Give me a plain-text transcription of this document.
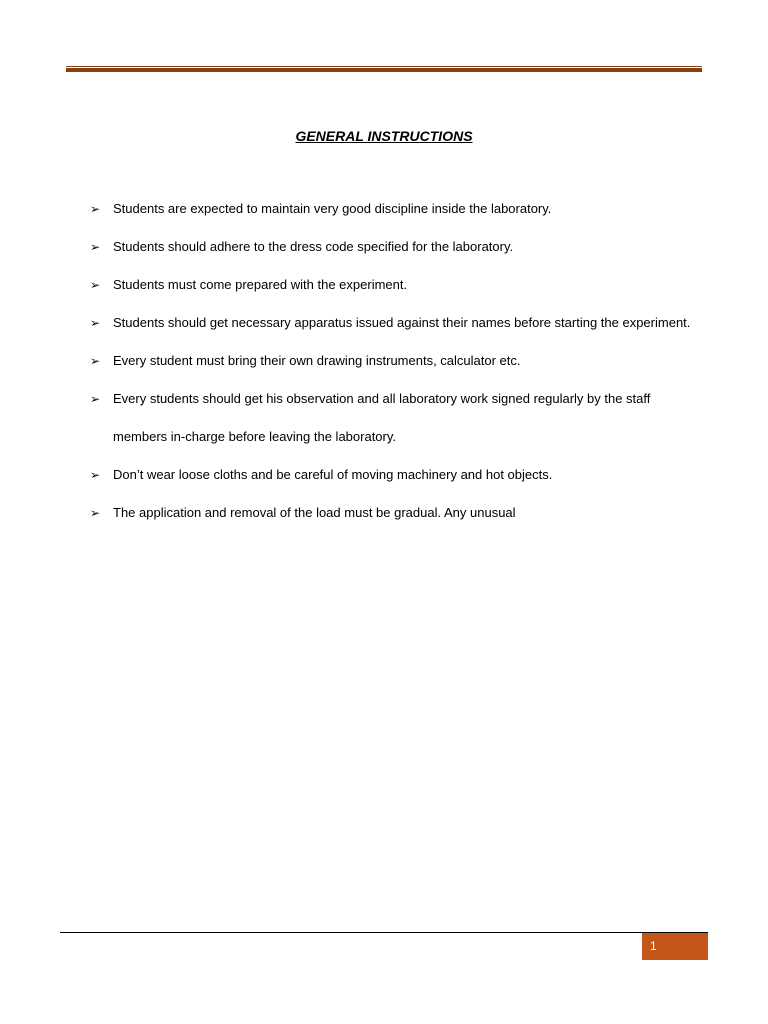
GENERAL INSTRUCTIONS
➢ Students are expected to maintain very good discipline inside the laboratory.
➢ Students should adhere to the dress code specified for the laboratory.
➢ Students must come prepared with the experiment.
➢ Students should get necessary apparatus issued against their names before starting the experiment.
➢ Every student must bring their own drawing instruments, calculator etc.
➢ Every students should get his observation and all laboratory work signed regularly by the staff members in-charge before leaving the laboratory.
➢ Don’t wear loose cloths and be careful of moving machinery and hot objects.
➢ The application and removal of the load must be gradual. Any unusual
1
